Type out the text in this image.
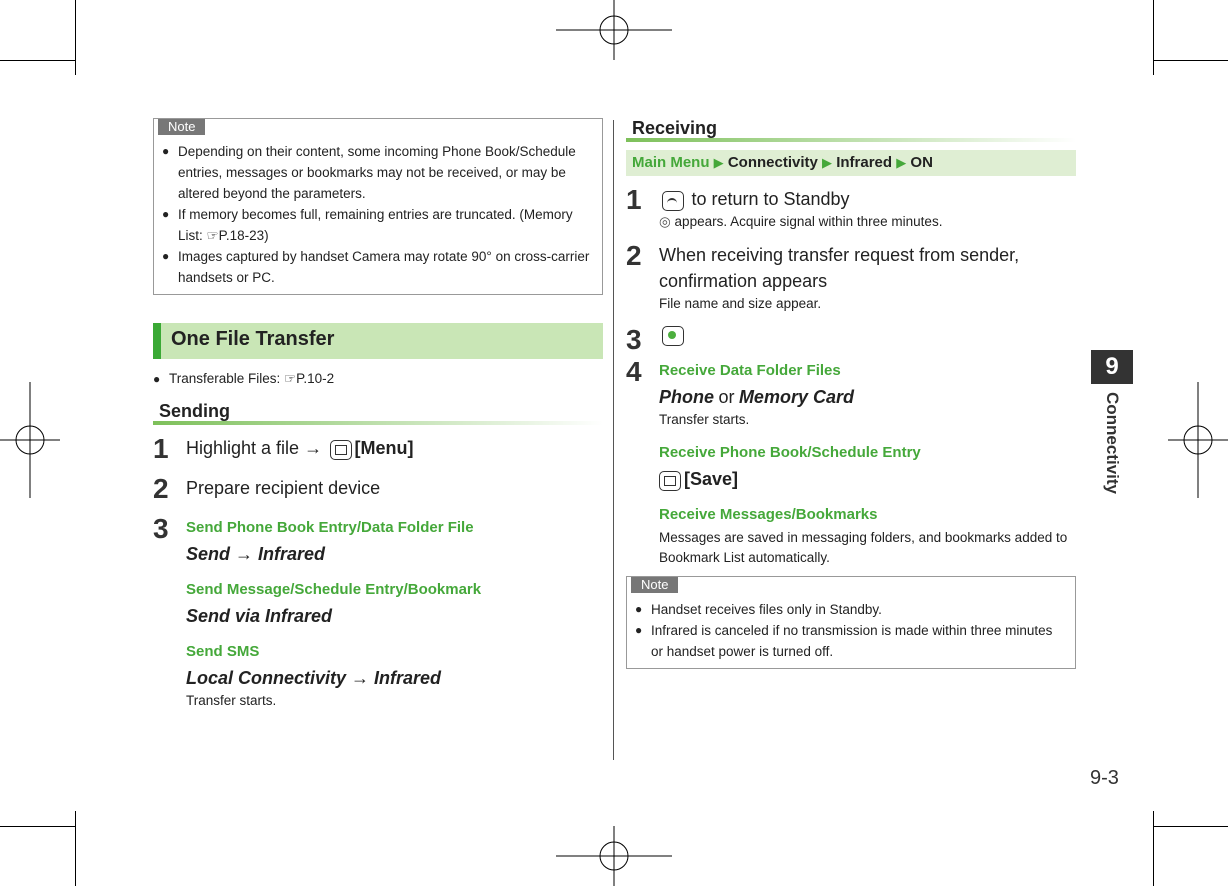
Note
● Depending on their content, some incoming Phone Book/Schedule entries, messages or bookmarks may not be received, or may be altered beyond the parameters.
● If memory becomes full, remaining entries are truncated. (Memory List: ☞P.18-23)
● Images captured by handset Camera may rotate 90° on cross-carrier handsets or PC.
One File Transfer
● Transferable Files: ☞P.10-2
Sending
1 Highlight a file → [Menu]
2 Prepare recipient device
3 Send Phone Book Entry/Data Folder File
Send → Infrared
Send Message/Schedule Entry/Bookmark
Send via Infrared
Send SMS
Local Connectivity → Infrared
Transfer starts.
Receiving
Main Menu ▶ Connectivity ▶ Infrared ▶ ON
1	to return to Standby
◎ appears. Acquire signal within three minutes.
2 When receiving transfer request from sender, confirmation appears
File name and size appear.
3
4 Receive Data Folder Files
Phone or Memory Card
Transfer starts.
Receive Phone Book/Schedule Entry
[Save]
Receive Messages/Bookmarks
Messages are saved in messaging folders, and bookmarks added to Bookmark List automatically.
Note
● Handset receives files only in Standby.
● Infrared is canceled if no transmission is made within three minutes or handset power is turned off.
9
Connectivity
9-3
